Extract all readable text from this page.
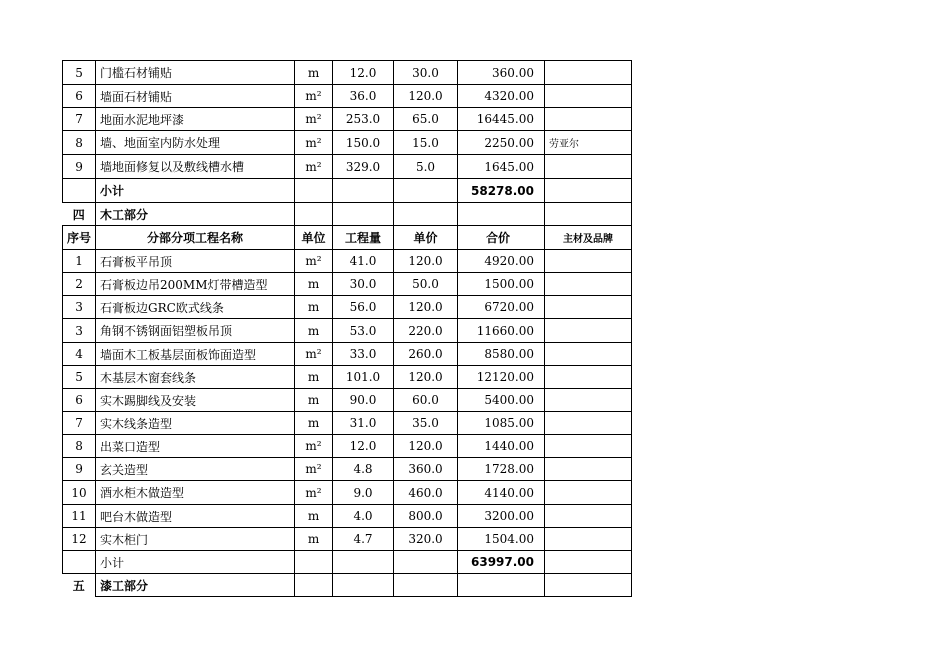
5	门槛石材铺贴	m	12.0	30.0	360.00	
6	墙面石材铺贴	m²	36.0	120.0	4320.00	
7	地面水泥地坪漆	m²	253.0	65.0	16445.00	
8	墙、地面室内防水处理	m²	150.0	15.0	2250.00	劳亚尔
9	墙地面修复以及敷线槽水槽	m²	329.0	5.0	1645.00	
	小计				58278.00	
四	木工部分					
序号	分部分项工程名称	单位	工程量	单价	合价	主材及品牌
1	石膏板平吊顶	m²	41.0	120.0	4920.00	
2	石膏板边吊200MM灯带槽造型	m	30.0	50.0	1500.00	
3	石膏板边GRC欧式线条	m	56.0	120.0	6720.00	
3	角钢不锈钢面铝塑板吊顶	m	53.0	220.0	11660.00	
4	墙面木工板基层面板饰面造型	m²	33.0	260.0	8580.00	
5	木基层木窗套线条	m	101.0	120.0	12120.00	
6	实木踢脚线及安装	m	90.0	60.0	5400.00	
7	实木线条造型	m	31.0	35.0	1085.00	
8	出菜口造型	m²	12.0	120.0	1440.00	
9	玄关造型	m²	4.8	360.0	1728.00	
10	酒水柜木做造型	m²	9.0	460.0	4140.00	
11	吧台木做造型	m	4.0	800.0	3200.00	
12	实木柜门	m	4.7	320.0	1504.00	
	小计				63997.00	
五	漆工部分					
